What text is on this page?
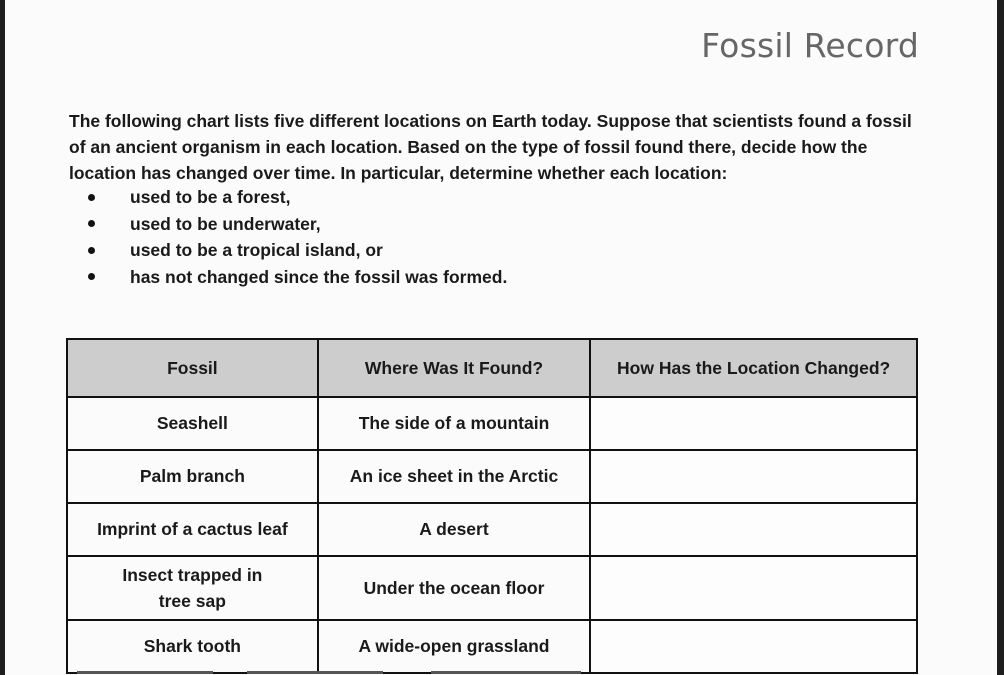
Fossil Record

The following chart lists five different locations on Earth today. Suppose that scientists found a fossil of an ancient organism in each location. Based on the type of fossil found there, decide how the location has changed over time. In particular, determine whether each location:

used to be a forest,
used to be underwater,
used to be a tropical island, or
has not changed since the fossil was formed.
Fossil	Where Was It Found?	How Has the Location Changed?
Seashell	The side of a mountain	
Palm branch	An ice sheet in the Arctic	
Imprint of a cactus leaf	A desert	
Insect trapped in tree sap	Under the ocean floor	
Shark tooth	A wide-open grassland	
